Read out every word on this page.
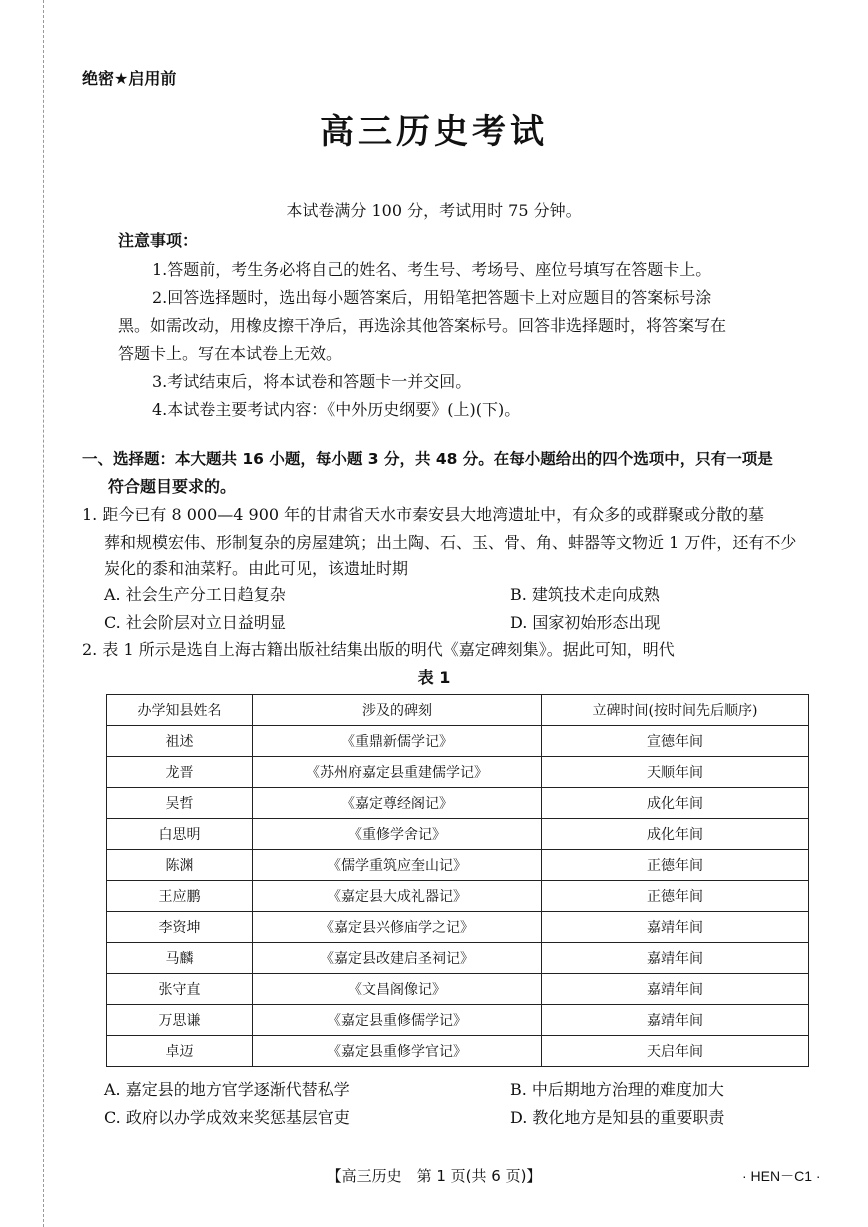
绝密★启用前
高三历史考试
本试卷满分 100 分，考试用时 75 分钟。
注意事项：
1.答题前，考生务必将自己的姓名、考生号、考场号、座位号填写在答题卡上。
2.回答选择题时，选出每小题答案后，用铅笔把答题卡上对应题目的答案标号涂
黑。如需改动，用橡皮擦干净后，再选涂其他答案标号。回答非选择题时，将答案写在
答题卡上。写在本试卷上无效。
3.考试结束后，将本试卷和答题卡一并交回。
4.本试卷主要考试内容：《中外历史纲要》(上)(下)。
一、选择题：本大题共 16 小题，每小题 3 分，共 48 分。在每小题给出的四个选项中，只有一项是
符合题目要求的。
1. 距今已有 8 000—4 900 年的甘肃省天水市秦安县大地湾遗址中，有众多的或群聚或分散的墓
葬和规模宏伟、形制复杂的房屋建筑；出土陶、石、玉、骨、角、蚌器等文物近 1 万件，还有不少
炭化的黍和油菜籽。由此可见，该遗址时期
A. 社会生产分工日趋复杂	B. 建筑技术走向成熟
C. 社会阶层对立日益明显	D. 国家初始形态出现
2. 表 1 所示是选自上海古籍出版社结集出版的明代《嘉定碑刻集》。据此可知，明代
表 1
办学知县姓名	涉及的碑刻	立碑时间(按时间先后顺序)
祖述	《重鼎新儒学记》	宣德年间
龙晋	《苏州府嘉定县重建儒学记》	天顺年间
吴哲	《嘉定尊经阁记》	成化年间
白思明	《重修学舍记》	成化年间
陈渊	《儒学重筑应奎山记》	正德年间
王应鹏	《嘉定县大成礼器记》	正德年间
李资坤	《嘉定县兴修庙学之记》	嘉靖年间
马麟	《嘉定县改建启圣祠记》	嘉靖年间
张守直	《文昌阁像记》	嘉靖年间
万思谦	《嘉定县重修儒学记》	嘉靖年间
卓迈	《嘉定县重修学官记》	天启年间
A. 嘉定县的地方官学逐渐代替私学	B. 中后期地方治理的难度加大
C. 政府以办学成效来奖惩基层官吏	D. 教化地方是知县的重要职责
【高三历史　第 1 页(共 6 页)】	· HEN－C1 ·
